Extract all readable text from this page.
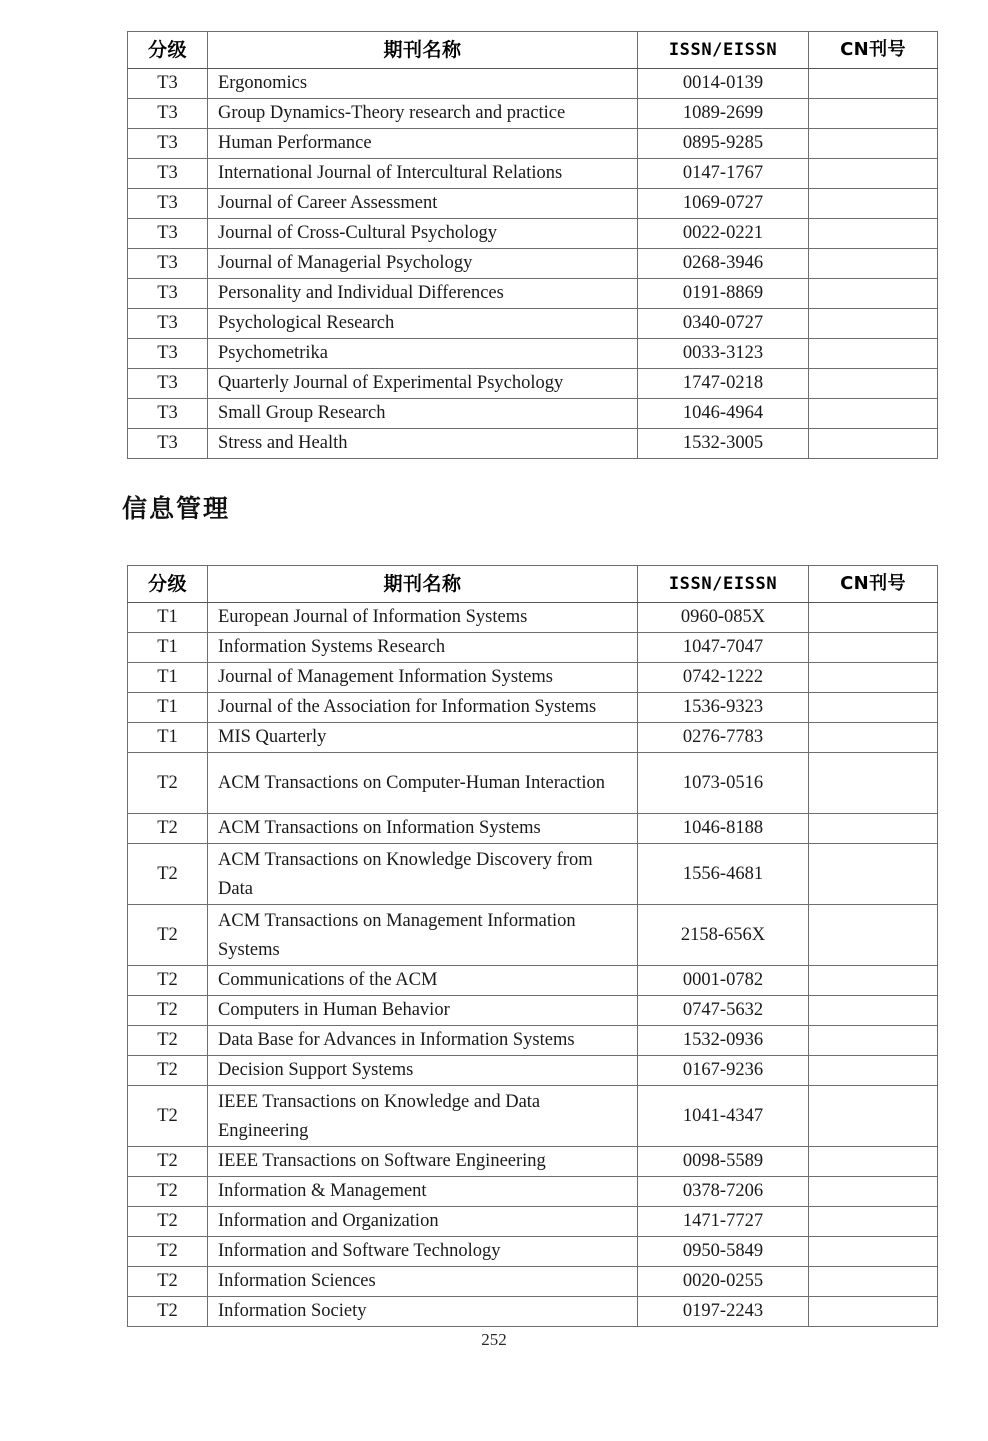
分级	期刊名称	ISSN/EISSN	CN刊号
T3	Ergonomics	0014-0139	
T3	Group Dynamics-Theory research and practice	1089-2699	
T3	Human Performance	0895-9285	
T3	International Journal of Intercultural Relations	0147-1767	
T3	Journal of Career Assessment	1069-0727	
T3	Journal of Cross-Cultural Psychology	0022-0221	
T3	Journal of Managerial Psychology	0268-3946	
T3	Personality and Individual Differences	0191-8869	
T3	Psychological Research	0340-0727	
T3	Psychometrika	0033-3123	
T3	Quarterly Journal of Experimental Psychology	1747-0218	
T3	Small Group Research	1046-4964	
T3	Stress and Health	1532-3005	
信息管理
分级	期刊名称	ISSN/EISSN	CN刊号
T1	European Journal of Information Systems	0960-085X	
T1	Information Systems Research	1047-7047	
T1	Journal of Management Information Systems	0742-1222	
T1	Journal of the Association for Information Systems	1536-9323	
T1	MIS Quarterly	0276-7783	
T2	ACM Transactions on Computer-Human Interaction	1073-0516	
T2	ACM Transactions on Information Systems	1046-8188	
T2	ACM Transactions on Knowledge Discovery from Data	1556-4681	
T2	ACM Transactions on Management Information Systems	2158-656X	
T2	Communications of the ACM	0001-0782	
T2	Computers in Human Behavior	0747-5632	
T2	Data Base for Advances in Information Systems	1532-0936	
T2	Decision Support Systems	0167-9236	
T2	IEEE Transactions on Knowledge and Data Engineering	1041-4347	
T2	IEEE Transactions on Software Engineering	0098-5589	
T2	Information & Management	0378-7206	
T2	Information and Organization	1471-7727	
T2	Information and Software Technology	0950-5849	
T2	Information Sciences	0020-0255	
T2	Information Society	0197-2243	
252
